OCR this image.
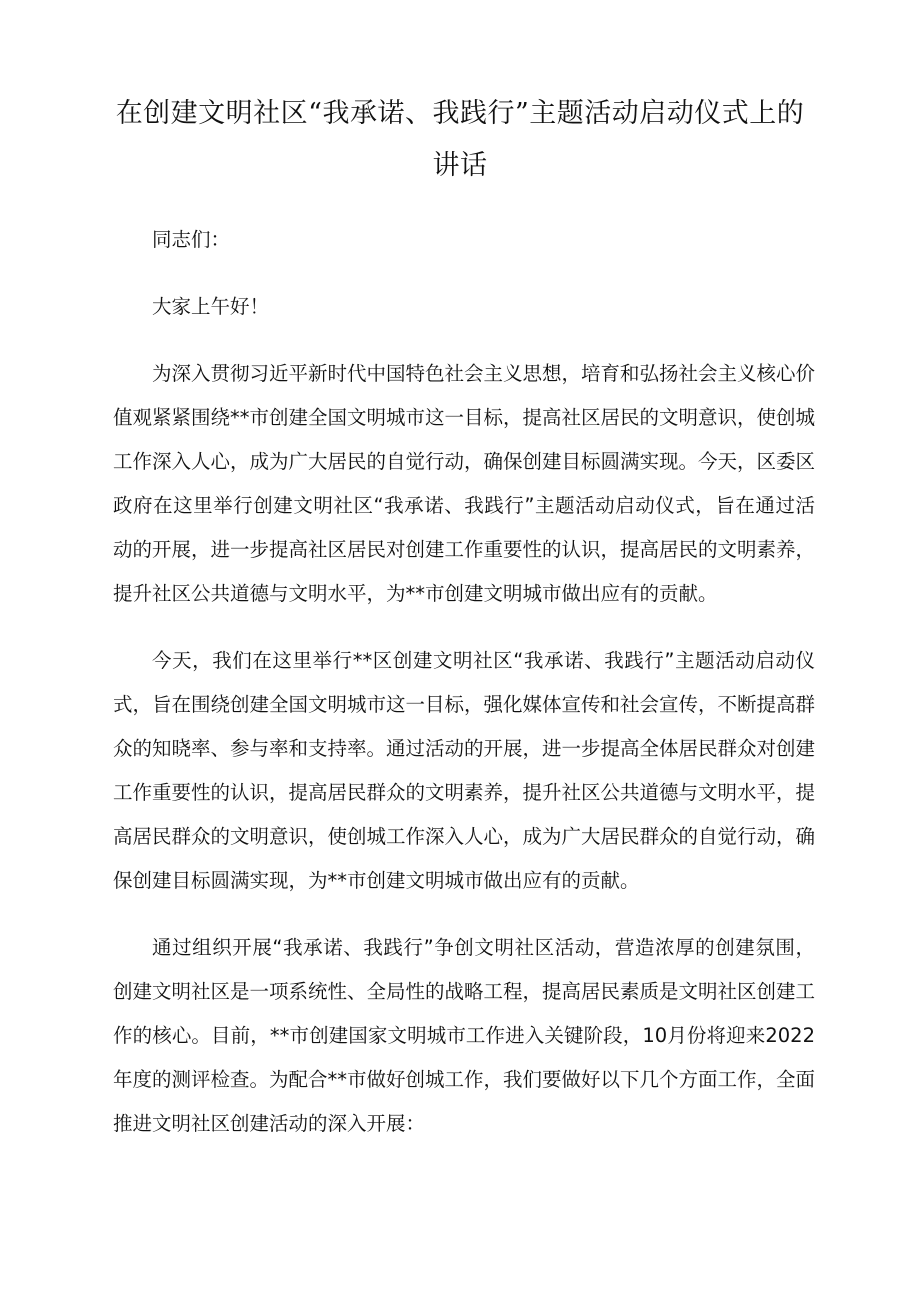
在创建文明社区“我承诺、我践行”主题活动启动仪式上的讲话

同志们：

大家上午好！

为深入贯彻习近平新时代中国特色社会主义思想，培育和弘扬社会主义核心价值观紧紧围绕**市创建全国文明城市这一目标，提高社区居民的文明意识，使创城工作深入人心，成为广大居民的自觉行动，确保创建目标圆满实现。今天，区委区政府在这里举行创建文明社区“我承诺、我践行”主题活动启动仪式，旨在通过活动的开展，进一步提高社区居民对创建工作重要性的认识，提高居民的文明素养，提升社区公共道德与文明水平，为**市创建文明城市做出应有的贡献。

今天，我们在这里举行**区创建文明社区“我承诺、我践行”主题活动启动仪式，旨在围绕创建全国文明城市这一目标，强化媒体宣传和社会宣传，不断提高群众的知晓率、参与率和支持率。通过活动的开展，进一步提高全体居民群众对创建工作重要性的认识，提高居民群众的文明素养，提升社区公共道德与文明水平，提高居民群众的文明意识，使创城工作深入人心，成为广大居民群众的自觉行动，确保创建目标圆满实现，为**市创建文明城市做出应有的贡献。

通过组织开展“我承诺、我践行”争创文明社区活动，营造浓厚的创建氛围，创建文明社区是一项系统性、全局性的战略工程，提高居民素质是文明社区创建工作的核心。目前，**市创建国家文明城市工作进入关键阶段，10月份将迎来2022年度的测评检查。为配合**市做好创城工作，我们要做好以下几个方面工作，全面推进文明社区创建活动的深入开展：
